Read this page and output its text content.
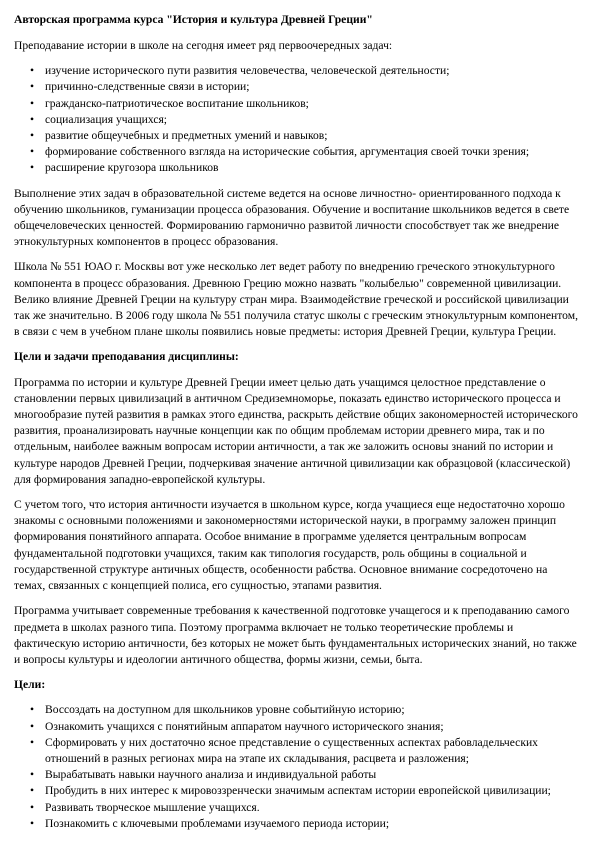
Авторская программа курса "История и культура Древней Греции"

Преподавание истории в школе на сегодня имеет ряд первоочередных задач:

• изучение исторического пути развития человечества, человеческой деятельности;
• причинно-следственные связи в истории;
• гражданско-патриотическое воспитание школьников;
• социализация учащихся;
• развитие общеучебных и предметных умений и навыков;
• формирование собственного взгляда на исторические события, аргументация своей точки зрения;
• расширение кругозора школьников

Выполнение этих задач в образовательной системе ведется на основе личностно- ориентированного подхода к обучению школьников, гуманизации процесса образования. Обучение и воспитание школьников ведется в свете общечеловеческих ценностей. Формированию гармонично развитой личности способствует так же внедрение этнокультурных компонентов в процесс образования.

Школа № 551 ЮАО г. Москвы вот уже несколько лет ведет работу по внедрению греческого этнокультурного компонента в процесс образования. Древнюю Грецию можно назвать "колыбелью" современной цивилизации. Велико влияние Древней Греции на культуру стран мира. Взаимодействие греческой и российской цивилизации так же значительно. В 2006 году школа № 551 получила статус школы с греческим этнокультурным компонентом, в связи с чем в учебном плане школы появились новые предметы: история Древней Греции, культура Греции.

Цели и задачи преподавания дисциплины:

Программа по истории и культуре Древней Греции имеет целью дать учащимся целостное представление о становлении первых цивилизаций в античном Средиземноморье, показать единство исторического процесса и многообразие путей развития в рамках этого единства, раскрыть действие общих закономерностей исторического развития, проанализировать научные концепции как по общим проблемам истории древнего мира, так и по отдельным, наиболее важным вопросам истории античности, а так же заложить основы знаний по истории и культуре народов Древней Греции, подчеркивая значение античной цивилизации как образцовой (классической) для формирования западно-европейской культуры.

С учетом того, что история античности изучается в школьном курсе, когда учащиеся еще недостаточно хорошо знакомы с основными положениями и закономерностями исторической науки, в программу заложен принцип формирования понятийного аппарата. Особое внимание в программе уделяется центральным вопросам фундаментальной подготовки учащихся, таким как типология государств, роль общины в социальной и государственной структуре античных обществ, особенности рабства. Основное внимание сосредоточено на темах, связанных с концепцией полиса, его сущностью, этапами развития.

Программа учитывает современные требования к качественной подготовке учащегося и к преподаванию самого предмета в школах разного типа. Поэтому программа включает не только теоретические проблемы и фактическую историю античности, без которых не может быть фундаментальных исторических знаний, но также и вопросы культуры и идеологии античного общества, формы жизни, семьи, быта.

Цели:

• Воссоздать на доступном для школьников уровне событийную историю;
• Ознакомить учащихся с понятийным аппаратом научного исторического знания;
• Сформировать у них достаточно ясное представление о существенных аспектах рабовладельческих отношений в разных регионах мира на этапе их складывания, расцвета и разложения;
• Вырабатывать навыки научного анализа и индивидуальной работы
• Пробудить в них интерес к мировоззренчески значимым аспектам истории европейской цивилизации;
• Развивать творческое мышление учащихся.
• Познакомить с ключевыми проблемами изучаемого периода истории;
